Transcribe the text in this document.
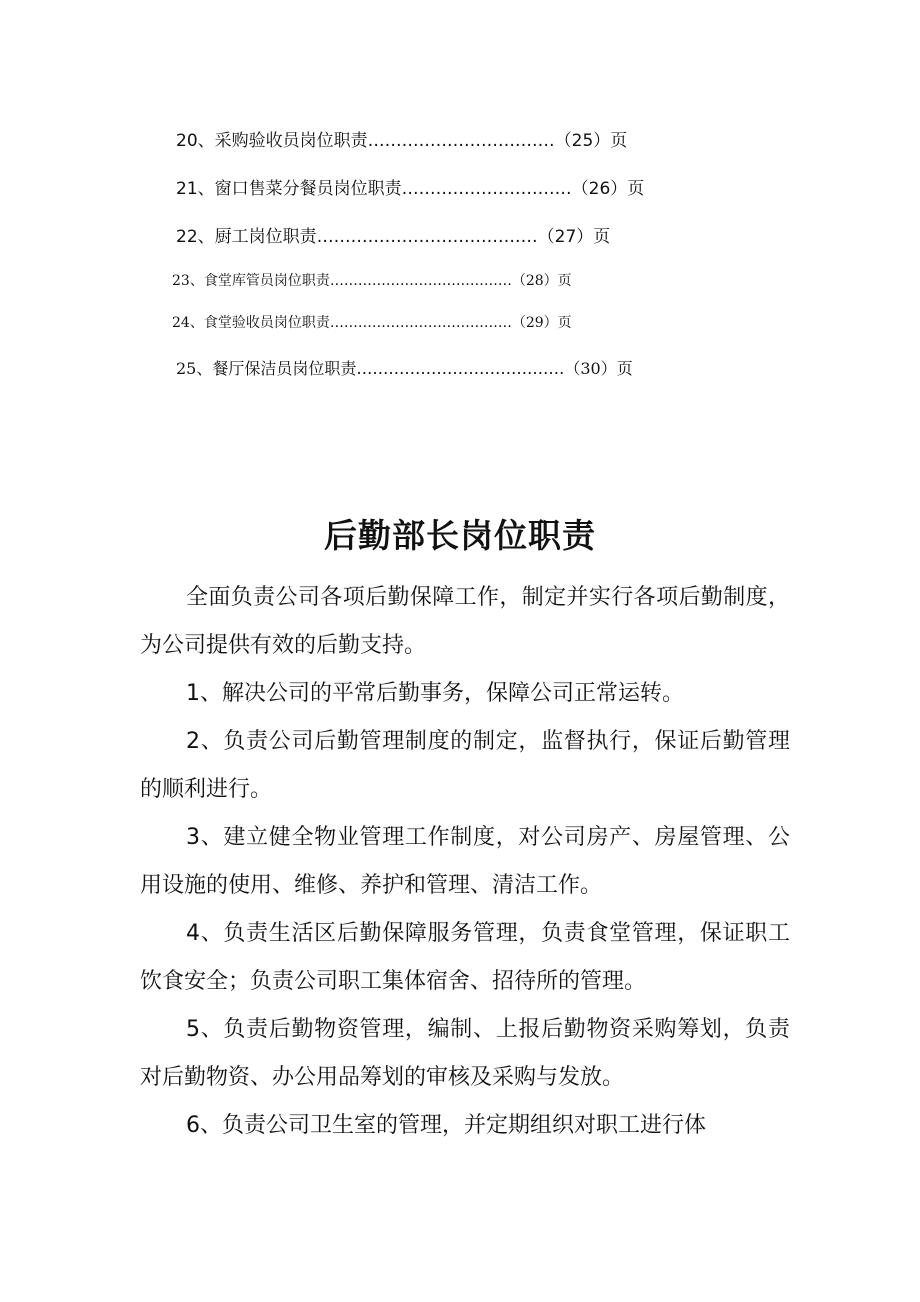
20、采购验收员岗位职责……………………………（25）页
21、窗口售菜分餐员岗位职责…………………………（26）页
22、厨工岗位职责…………………………………（27）页
23、食堂库管员岗位职责…………………………………（28）页
24、食堂验收员岗位职责…………………………………（29）页
25、餐厅保洁员岗位职责…………………………………（30）页
后勤部长岗位职责

全面负责公司各项后勤保障工作，制定并实行各项后勤制度，为公司提供有效的后勤支持。

1、解决公司的平常后勤事务，保障公司正常运转。

2、负责公司后勤管理制度的制定，监督执行，保证后勤管理的顺利进行。

3、建立健全物业管理工作制度，对公司房产、房屋管理、公用设施的使用、维修、养护和管理、清洁工作。

4、负责生活区后勤保障服务管理，负责食堂管理，保证职工饮食安全；负责公司职工集体宿舍、招待所的管理。

5、负责后勤物资管理，编制、上报后勤物资采购筹划，负责对后勤物资、办公用品筹划的审核及采购与发放。

6、负责公司卫生室的管理，并定期组织对职工进行体
